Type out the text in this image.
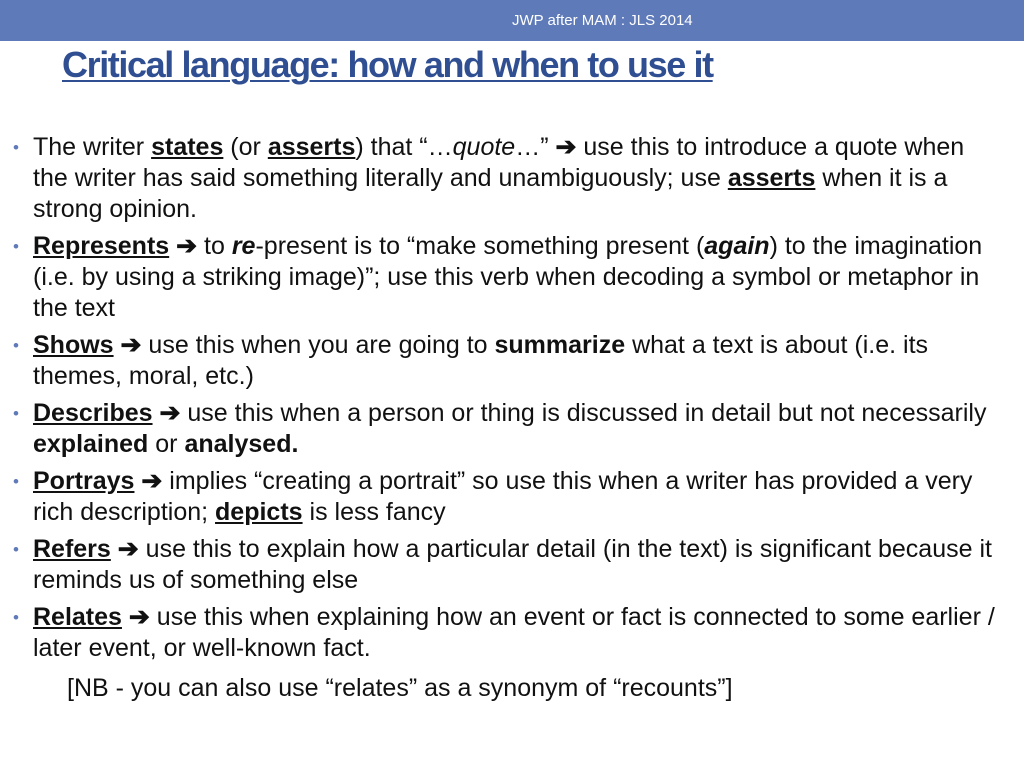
JWP after MAM : JLS 2014
Critical language: how and when to use it
• The writer states (or asserts) that “…quote…” ➔ use this to introduce a quote when the writer has said something literally and unambiguously; use asserts when it is a strong opinion.
• Represents ➔ to re-present is to “make something present (again) to the imagination (i.e. by using a striking image)”; use this verb when decoding a symbol or metaphor in the text
• Shows ➔ use this when you are going to summarize what a text is about (i.e. its themes, moral, etc.)
• Describes ➔ use this when a person or thing is discussed in detail but not necessarily explained or analysed.
• Portrays ➔ implies “creating a portrait” so use this when a writer has provided a very rich description; depicts is less fancy
• Refers ➔ use this to explain how a particular detail (in the text) is significant because it reminds us of something else
• Relates ➔ use this when explaining how an event or fact is connected to some earlier / later event, or well-known fact.
[NB - you can also use “relates” as a synonym of “recounts”]
